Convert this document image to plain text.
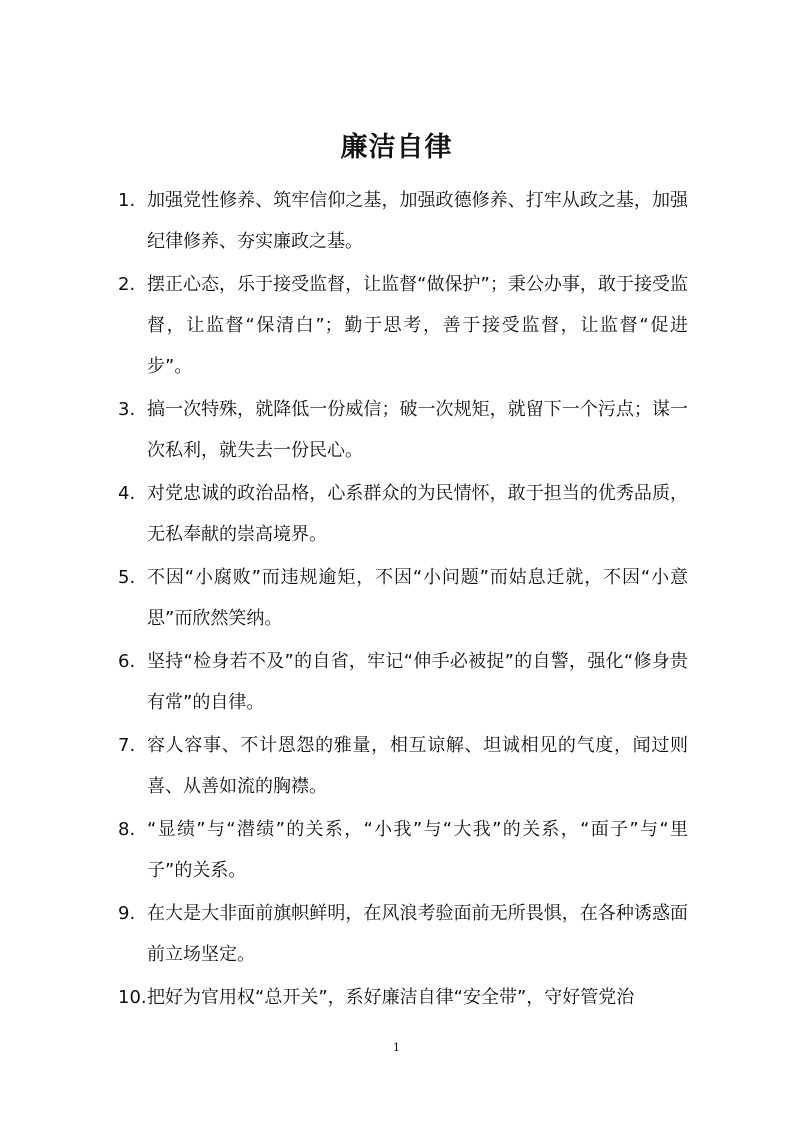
廉洁自律
1. 加强党性修养、筑牢信仰之基，加强政德修养、打牢从政之基，加强纪律修养、夯实廉政之基。
2. 摆正心态，乐于接受监督，让监督“做保护”；秉公办事，敢于接受监督，让监督“保清白”；勤于思考，善于接受监督，让监督“促进步”。
3. 搞一次特殊，就降低一份威信；破一次规矩，就留下一个污点；谋一次私利，就失去一份民心。
4. 对党忠诚的政治品格，心系群众的为民情怀，敢于担当的优秀品质，无私奉献的崇高境界。
5. 不因“小腐败”而违规逾矩，不因“小问题”而姑息迁就，不因“小意思”而欣然笑纳。
6. 坚持“检身若不及”的自省，牢记“伸手必被捉”的自警，强化“修身贵有常”的自律。
7. 容人容事、不计恩怨的雅量，相互谅解、坦诚相见的气度，闻过则喜、从善如流的胸襟。
8. “显绩”与“潜绩”的关系，“小我”与“大我”的关系，“面子”与“里子”的关系。
9. 在大是大非面前旗帜鲜明，在风浪考验面前无所畏惧，在各种诱惑面前立场坚定。
10. 把好为官用权“总开关”，系好廉洁自律“安全带”，守好管党治
1
